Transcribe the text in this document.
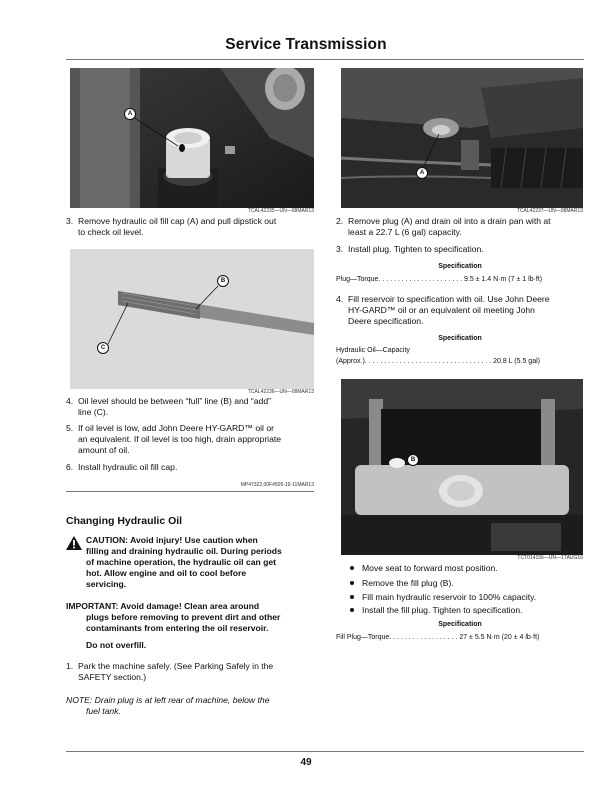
Service Transmission
A
TCAL42235—UN—08MAR13
3. Remove hydraulic oil fill cap (A) and pull dipstick out
to check oil level.
B
C
TCAL42236—UN—08MAR13
4. Oil level should be between “full” line (B) and “add”
line (C).
5. If oil level is low, add John Deere HY-GARD™ oil or
an equivalent. If oil level is too high, drain appropriate
amount of oil.
6. Install hydraulic oil fill cap.
MP47322,00F4505-19-11MAR13
Changing Hydraulic Oil
CAUTION: Avoid injury! Use caution when
filling and draining hydraulic oil. During periods
of machine operation, the hydraulic oil can get
hot. Allow engine and oil to cool before
servicing.
IMPORTANT: Avoid damage! Clean area around
plugs before removing to prevent dirt and other
contaminants from entering the oil reservoir.
Do not overfill.
1. Park the machine safely. (See Parking Safely in the
SAFETY section.)
NOTE: Drain plug is at left rear of machine, below the
fuel tank.
A
TCAL42237—UN—08MAR13
2. Remove plug (A) and drain oil into a drain pan with at
least a 22.7 L (6 gal) capacity.
3. Install plug. Tighten to specification.
Specification
Plug—Torque. . . . . . . . . . . . . . . . . . . . . . 9.5 ± 1.4 N·m (7 ± 1 lb·ft)
4. Fill reservoir to specification with oil. Use John Deere
HY-GARD™ oil or an equivalent oil meeting John
Deere specification.
Specification
Hydraulic Oil—Capacity
(Approx.). . . . . . . . . . . . . . . . . . . . . . . . . . . . . . . . . 20.8 L (5.5 gal)
B
TCT014156—UN—17AUG16
Move seat to forward most position.
Remove the fill plug (B).
Fill main hydraulic reservoir to 100% capacity.
Install the fill plug. Tighten to specification.
Specification
Fill Plug—Torque. . . . . . . . . . . . . . . . . . 27 ± 5.5 N·m (20 ± 4 lb·ft)
49
